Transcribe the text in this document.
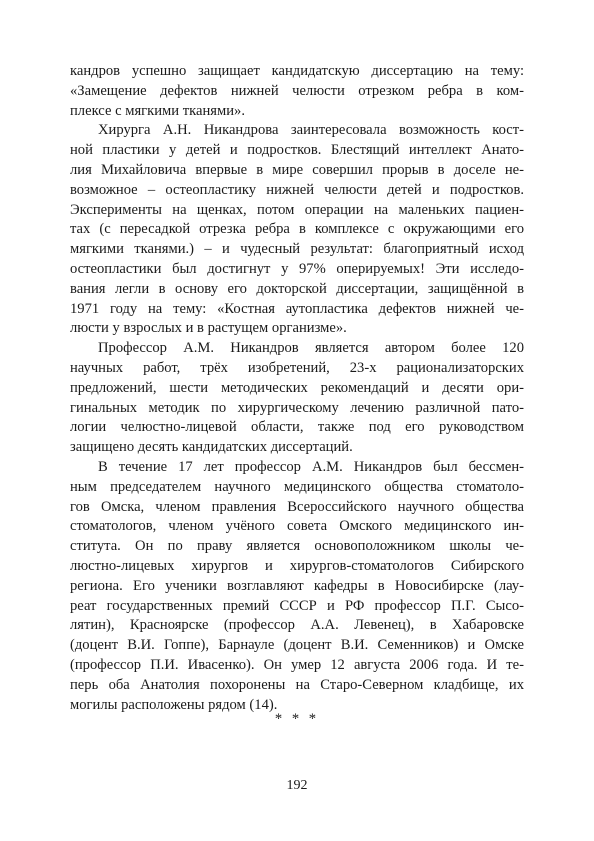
кандров успешно защищает кандидатскую диссертацию на тему:
«Замещение дефектов нижней челюсти отрезком ребра в ком-
плексе с мягкими тканями».
Хирурга А.Н. Никандрова заинтересовала возможность кост-
ной пластики у детей и подростков. Блестящий интеллект Анато-
лия Михайловича впервые в мире совершил прорыв в доселе не-
возможное – остеопластику нижней челюсти детей и подростков.
Эксперименты на щенках, потом операции на маленьких пациен-
тах (с пересадкой отрезка ребра в комплексе с окружающими его
мягкими тканями.) – и чудесный результат: благоприятный исход
остеопластики был достигнут у 97% оперируемых! Эти исследо-
вания легли в основу его докторской диссертации, защищённой в
1971 году на тему: «Костная аутопластика дефектов нижней че-
люсти у взрослых и в растущем организме».
Профессор А.М. Никандров является автором более 120
научных работ, трёх изобретений, 23-х рационализаторских
предложений, шести методических рекомендаций и десяти ори-
гинальных методик по хирургическому лечению различной пато-
логии челюстно-лицевой области, также под его руководством
защищено десять кандидатских диссертаций.
В течение 17 лет профессор А.М. Никандров был бессмен-
ным председателем научного медицинского общества стоматоло-
гов Омска, членом правления Всероссийского научного общества
стоматологов, членом учёного совета Омского медицинского ин-
ститута. Он по праву является основоположником школы че-
люстно-лицевых хирургов и хирургов-стоматологов Сибирского
региона. Его ученики возглавляют кафедры в Новосибирске (лау-
реат государственных премий СССР и РФ профессор П.Г. Сысо-
лятин), Красноярске (профессор А.А. Левенец), в Хабаровске
(доцент В.И. Гоппе), Барнауле (доцент В.И. Семенников) и Омске
(профессор П.И. Ивасенко). Он умер 12 августа 2006 года. И те-
перь оба Анатолия похоронены на Старо-Северном кладбище, их
могилы расположены рядом (14).
* * *
192
